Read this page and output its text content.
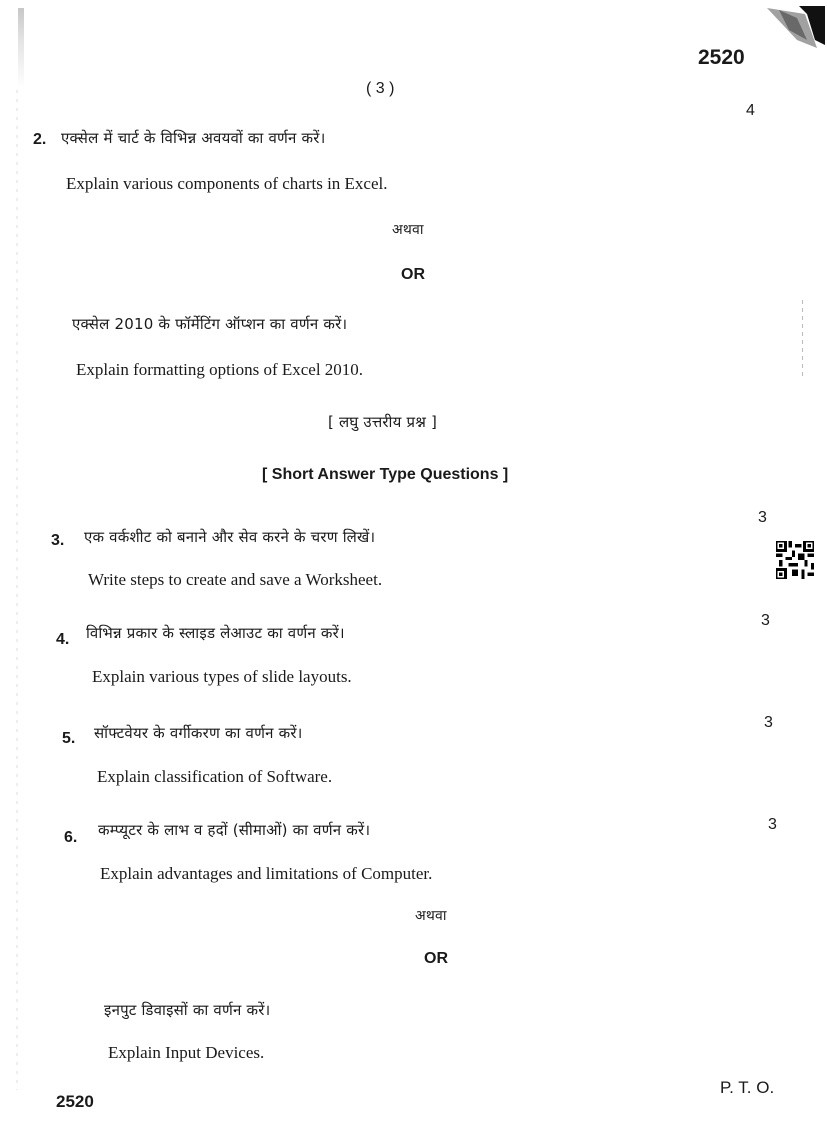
2520
( 3 )
4
2. एक्सेल में चार्ट के विभिन्न अवयवों का वर्णन करें।
Explain various components of charts in Excel.
अथवा
OR
एक्सेल 2010 के फॉर्मेटिंग ऑप्शन का वर्णन करें।
Explain formatting options of Excel 2010.
[ लघु उत्तरीय प्रश्न ]
[ Short Answer Type Questions ]
3
3. एक वर्कशीट को बनाने और सेव करने के चरण लिखें।
Write steps to create and save a Worksheet.
3
4. विभिन्न प्रकार के स्लाइड लेआउट का वर्णन करें।
Explain various types of slide layouts.
3
5. सॉफ्टवेयर के वर्गीकरण का वर्णन करें।
Explain classification of Software.
3
6. कम्प्यूटर के लाभ व हदों (सीमाओं) का वर्णन करें।
Explain advantages and limitations of Computer.
अथवा
OR
इनपुट डिवाइसों का वर्णन करें।
Explain Input Devices.
2520
P. T. O.
